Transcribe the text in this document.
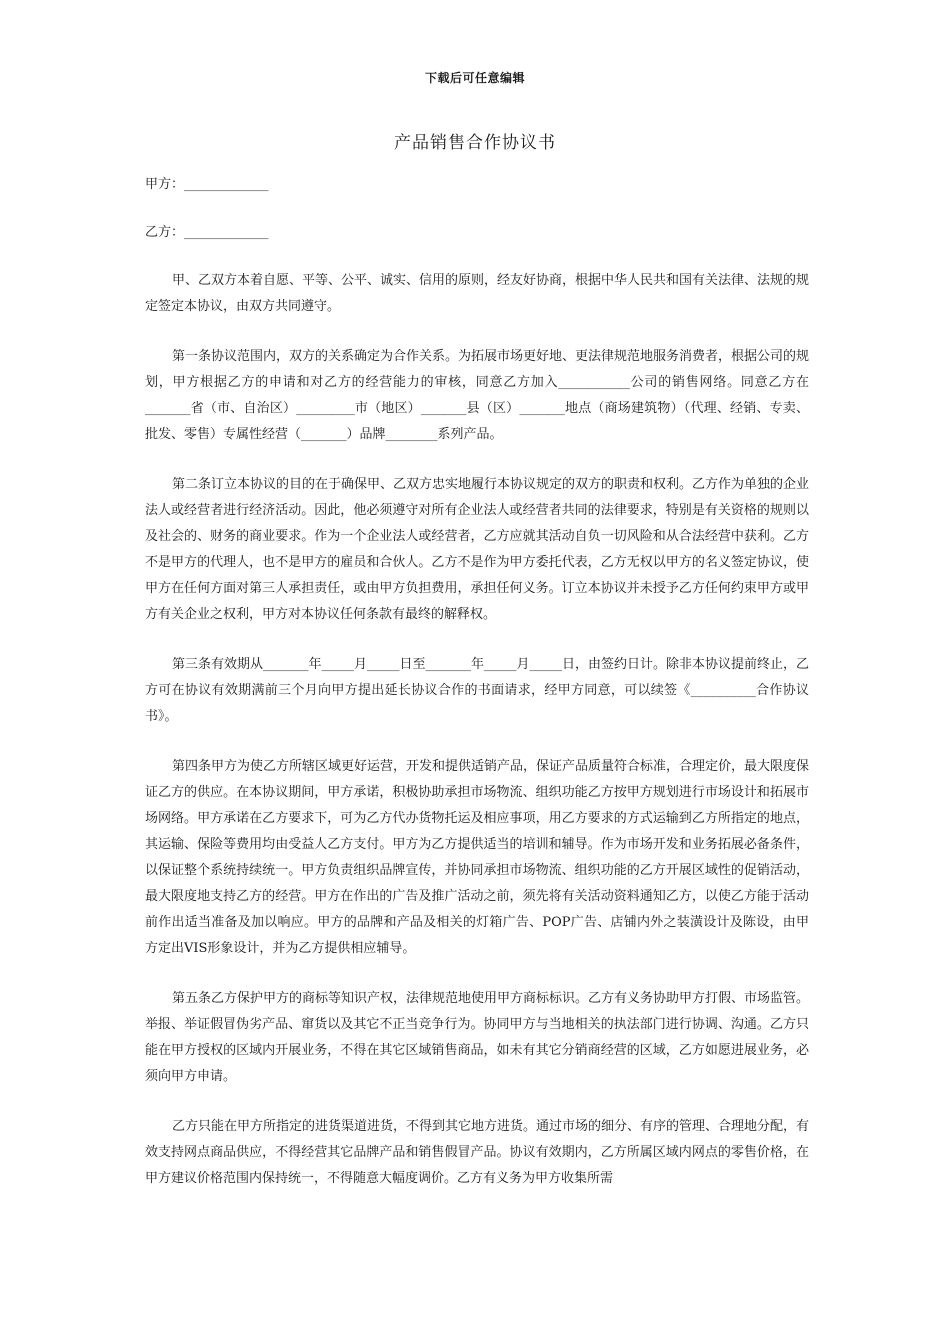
下载后可任意编辑
产品销售合作协议书
甲方：_____________
乙方：_____________

甲、乙双方本着自愿、平等、公平、诚实、信用的原则，经友好协商，根据中华人民共和国有关法律、法规的规定签定本协议，由双方共同遵守。

第一条协议范围内，双方的关系确定为合作关系。为拓展市场更好地、更法律规范地服务消费者，根据公司的规划，甲方根据乙方的申请和对乙方的经营能力的审核，同意乙方加入___________公司的销售网络。同意乙方在_______省（市、自治区）_________市（地区）_______县（区）_______地点（商场建筑物）（代理、经销、专卖、批发、零售）专属性经营（_______）品牌________系列产品。

第二条订立本协议的目的在于确保甲、乙双方忠实地履行本协议规定的双方的职责和权利。乙方作为单独的企业法人或经营者进行经济活动。因此，他必须遵守对所有企业法人或经营者共同的法律要求，特别是有关资格的规则以及社会的、财务的商业要求。作为一个企业法人或经营者，乙方应就其活动自负一切风险和从合法经营中获利。乙方不是甲方的代理人，也不是甲方的雇员和合伙人。乙方不是作为甲方委托代表，乙方无权以甲方的名义签定协议，使甲方在任何方面对第三人承担责任，或由甲方负担费用，承担任何义务。订立本协议并未授予乙方任何约束甲方或甲方有关企业之权利，甲方对本协议任何条款有最终的解释权。

第三条有效期从_______年_____月_____日至_______年_____月_____日，由签约日计。除非本协议提前终止，乙方可在协议有效期满前三个月向甲方提出延长协议合作的书面请求，经甲方同意，可以续签《__________合作协议书》。

第四条甲方为使乙方所辖区域更好运营，开发和提供适销产品，保证产品质量符合标准，合理定价，最大限度保证乙方的供应。在本协议期间，甲方承诺，积极协助承担市场物流、组织功能乙方按甲方规划进行市场设计和拓展市场网络。甲方承诺在乙方要求下，可为乙方代办货物托运及相应事项，用乙方要求的方式运输到乙方所指定的地点，其运输、保险等费用均由受益人乙方支付。甲方为乙方提供适当的培训和辅导。作为市场开发和业务拓展必备条件，以保证整个系统持续统一。甲方负责组织品牌宣传，并协同承担市场物流、组织功能的乙方开展区域性的促销活动，最大限度地支持乙方的经营。甲方在作出的广告及推广活动之前，须先将有关活动资料通知乙方，以使乙方能于活动前作出适当准备及加以响应。甲方的品牌和产品及相关的灯箱广告、POP广告、店铺内外之装潢设计及陈设，由甲方定出VIS形象设计，并为乙方提供相应辅导。

第五条乙方保护甲方的商标等知识产权，法律规范地使用甲方商标标识。乙方有义务协助甲方打假、市场监管。举报、举证假冒伪劣产品、窜货以及其它不正当竞争行为。协同甲方与当地相关的执法部门进行协调、沟通。乙方只能在甲方授权的区域内开展业务，不得在其它区域销售商品，如未有其它分销商经营的区域，乙方如愿进展业务，必须向甲方申请。

乙方只能在甲方所指定的进货渠道进货，不得到其它地方进货。通过市场的细分、有序的管理、合理地分配，有效支持网点商品供应，不得经营其它品牌产品和销售假冒产品。协议有效期内，乙方所属区域内网点的零售价格，在甲方建议价格范围内保持统一，不得随意大幅度调价。乙方有义务为甲方收集所需
